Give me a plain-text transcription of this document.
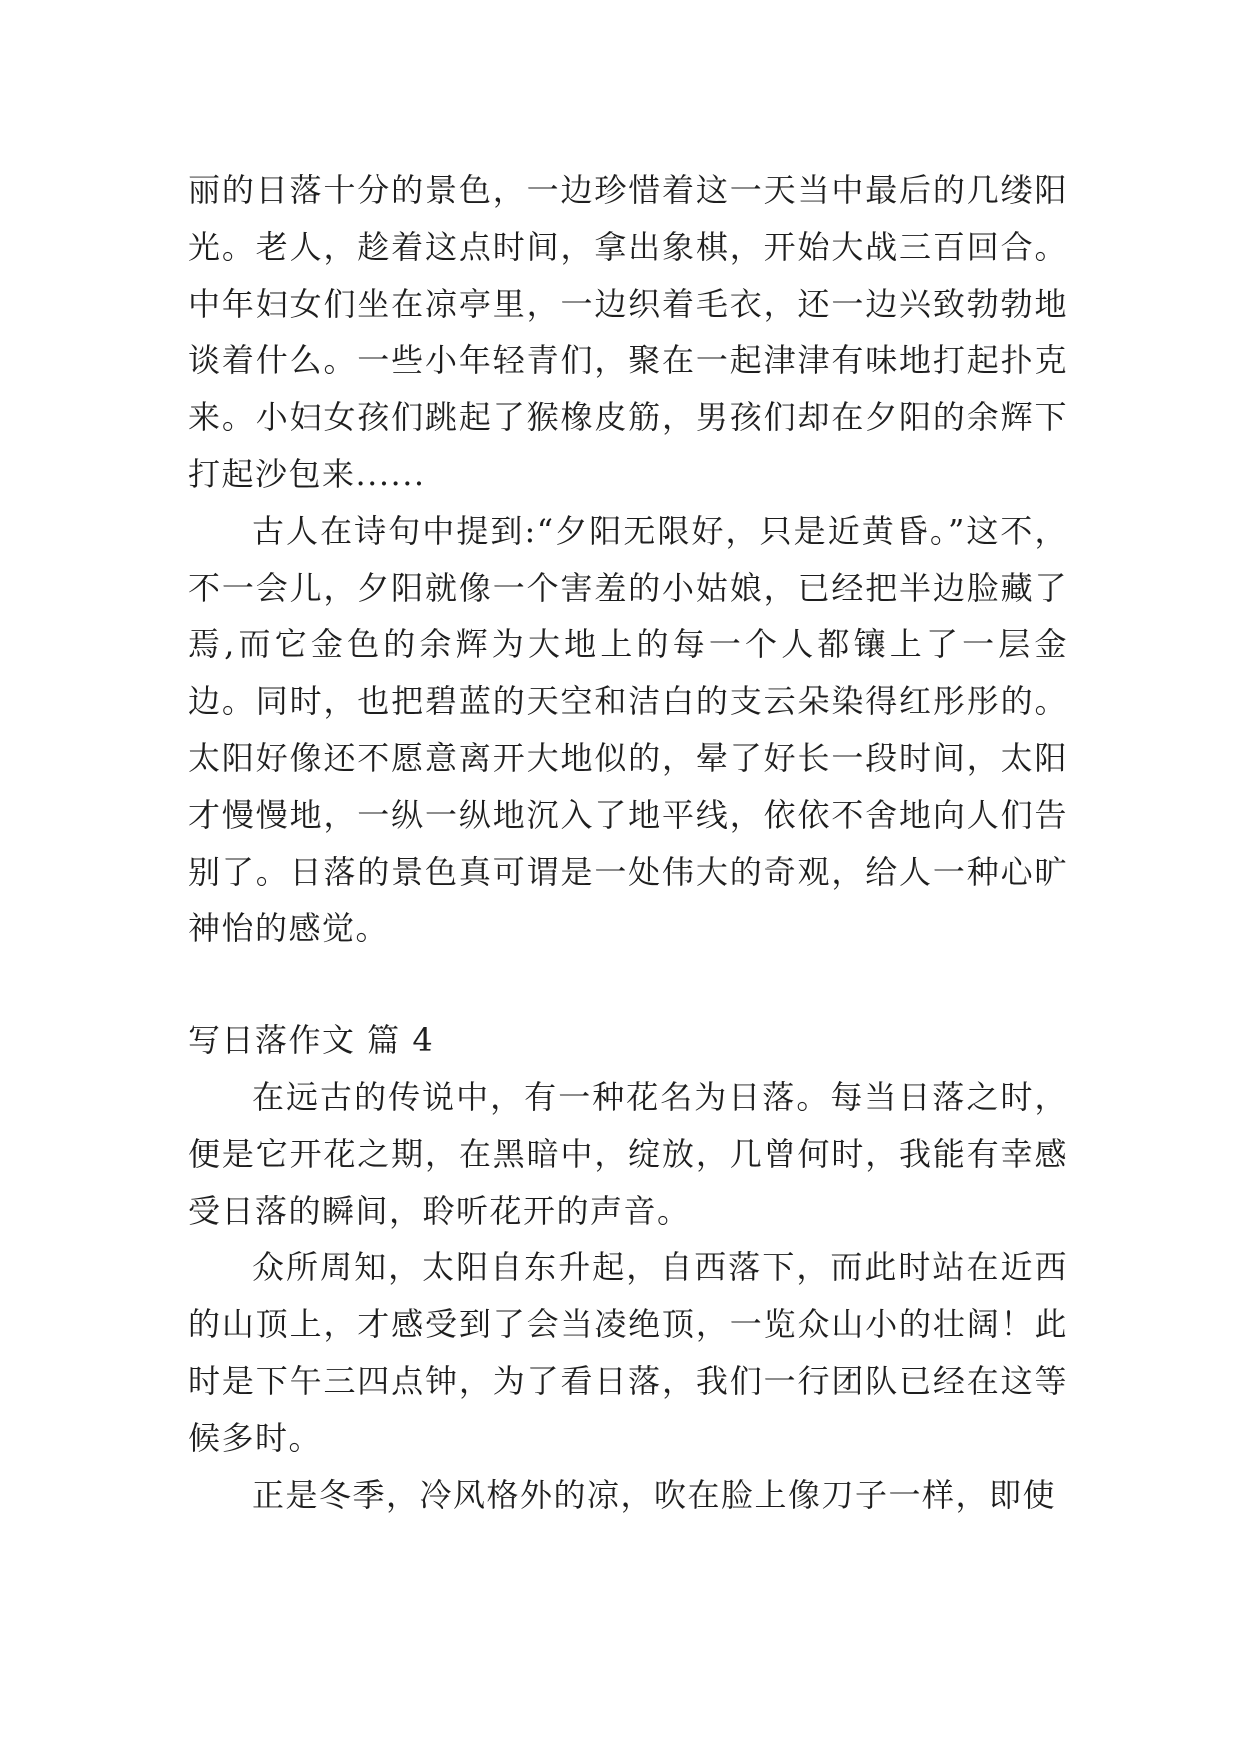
丽的日落十分的景色，一边珍惜着这一天当中最后的几缕阳光。老人，趁着这点时间，拿出象棋，开始大战三百回合。中年妇女们坐在凉亭里，一边织着毛衣，还一边兴致勃勃地谈着什么。一些小年轻青们，聚在一起津津有味地打起扑克来。小妇女孩们跳起了猴橡皮筋，男孩们却在夕阳的余辉下打起沙包来......

古人在诗句中提到:“夕阳无限好，只是近黄昏。”这不，不一会儿，夕阳就像一个害羞的小姑娘，已经把半边脸藏了焉,而它金色的余辉为大地上的每一个人都镶上了一层金边。同时，也把碧蓝的天空和洁白的支云朵染得红彤彤的。太阳好像还不愿意离开大地似的，晕了好长一段时间，太阳才慢慢地，一纵一纵地沉入了地平线，依依不舍地向人们告别了。日落的景色真可谓是一处伟大的奇观，给人一种心旷神怡的感觉。

写日落作文 篇 4

在远古的传说中，有一种花名为日落。每当日落之时，便是它开花之期，在黑暗中，绽放，几曾何时，我能有幸感受日落的瞬间，聆听花开的声音。

众所周知，太阳自东升起，自西落下，而此时站在近西的山顶上，才感受到了会当凌绝顶，一览众山小的壮阔！此时是下午三四点钟，为了看日落，我们一行团队已经在这等候多时。

正是冬季，冷风格外的凉，吹在脸上像刀子一样，即使
